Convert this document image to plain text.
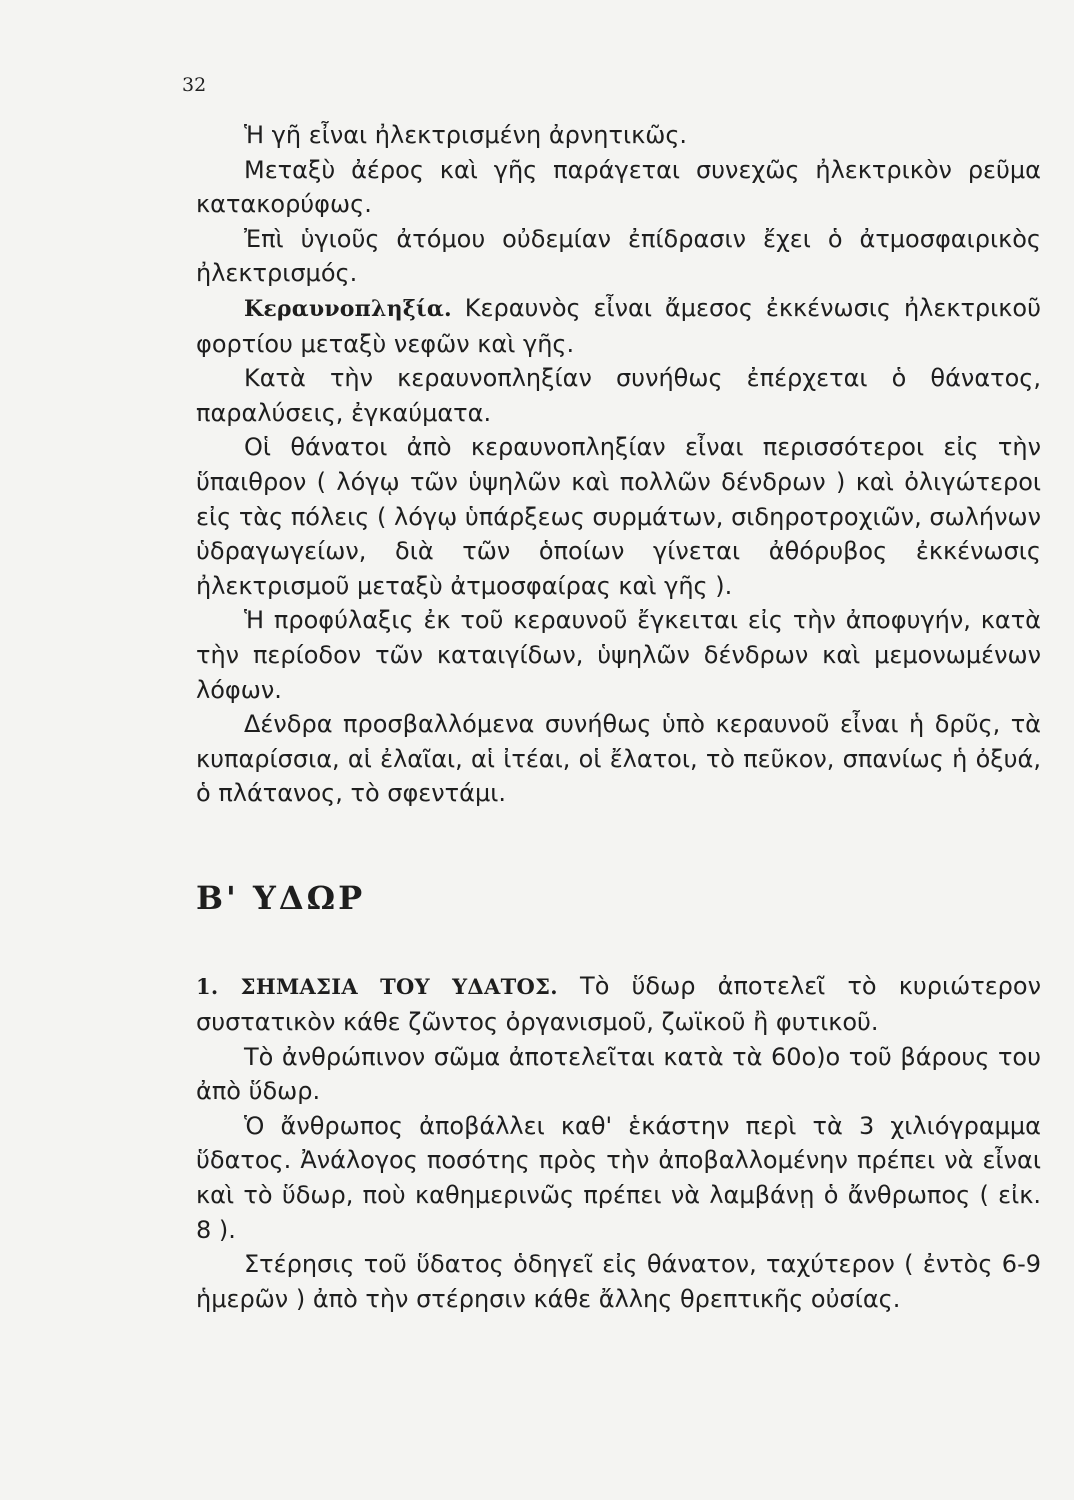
32

Ἡ γῆ εἶναι ἠλεκτρισμένη ἀρνητικῶς.

Μεταξὺ ἀέρος καὶ γῆς παράγεται συνεχῶς ἠλεκτρικὸν ρεῦμα κατακορύφως.

Ἐπὶ ὑγιοῦς ἀτόμου οὐδεμίαν ἐπίδρασιν ἔχει ὁ ἀτμοσφαιρικὸς ἠλεκτρισμός.

Κεραυνοπληξία. Κεραυνὸς εἶναι ἄμεσος ἐκκένωσις ἠλεκτρικοῦ φορτίου μεταξὺ νεφῶν καὶ γῆς.

Κατὰ τὴν κεραυνοπληξίαν συνήθως ἐπέρχεται ὁ θάνατος, παραλύσεις, ἐγκαύματα.

Οἱ θάνατοι ἀπὸ κεραυνοπληξίαν εἶναι περισσότεροι εἰς τὴν ὕπαιθρον ( λόγῳ τῶν ὑψηλῶν καὶ πολλῶν δένδρων ) καὶ ὀλιγώτεροι εἰς τὰς πόλεις ( λόγῳ ὑπάρξεως συρμάτων, σιδηροτροχιῶν, σωλήνων ὑδραγωγείων, διὰ τῶν ὁποίων γίνεται ἀθόρυβος ἐκκένωσις ἠλεκτρισμοῦ μεταξὺ ἀτμοσφαίρας καὶ γῆς ).

Ἡ προφύλαξις ἐκ τοῦ κεραυνοῦ ἔγκειται εἰς τὴν ἀποφυγήν, κατὰ τὴν περίοδον τῶν καταιγίδων, ὑψηλῶν δένδρων καὶ μεμονωμένων λόφων.

Δένδρα προσβαλλόμενα συνήθως ὑπὸ κεραυνοῦ εἶναι ἡ δρῦς, τὰ κυπαρίσσια, αἱ ἐλαῖαι, αἱ ἰτέαι, οἱ ἔλατοι, τὸ πεῦκον, σπανίως ἡ ὀξυά, ὁ πλάτανος, τὸ σφεντάμι.

Β' ΥΔΩΡ

1. ΣΗΜΑΣΙΑ ΤΟΥ ΥΔΑΤΟΣ. Τὸ ὕδωρ ἀποτελεῖ τὸ κυριώτερον συστατικὸν κάθε ζῶντος ὀργανισμοῦ, ζωϊκοῦ ἢ φυτικοῦ.

Τὸ ἀνθρώπινον σῶμα ἀποτελεῖται κατὰ τὰ 60ο)ο τοῦ βάρους του ἀπὸ ὕδωρ.

Ὁ ἄνθρωπος ἀποβάλλει καθ' ἑκάστην περὶ τὰ 3 χιλιόγραμμα ὕδατος. Ἀνάλογος ποσότης πρὸς τὴν ἀποβαλλομένην πρέπει νὰ εἶναι καὶ τὸ ὕδωρ, ποὺ καθημερινῶς πρέπει νὰ λαμβάνῃ ὁ ἄνθρωπος ( εἰκ. 8 ).

Στέρησις τοῦ ὕδατος ὁδηγεῖ εἰς θάνατον, ταχύτερον ( ἐντὸς 6-9 ἡμερῶν ) ἀπὸ τὴν στέρησιν κάθε ἄλλης θρεπτικῆς οὐσίας.
